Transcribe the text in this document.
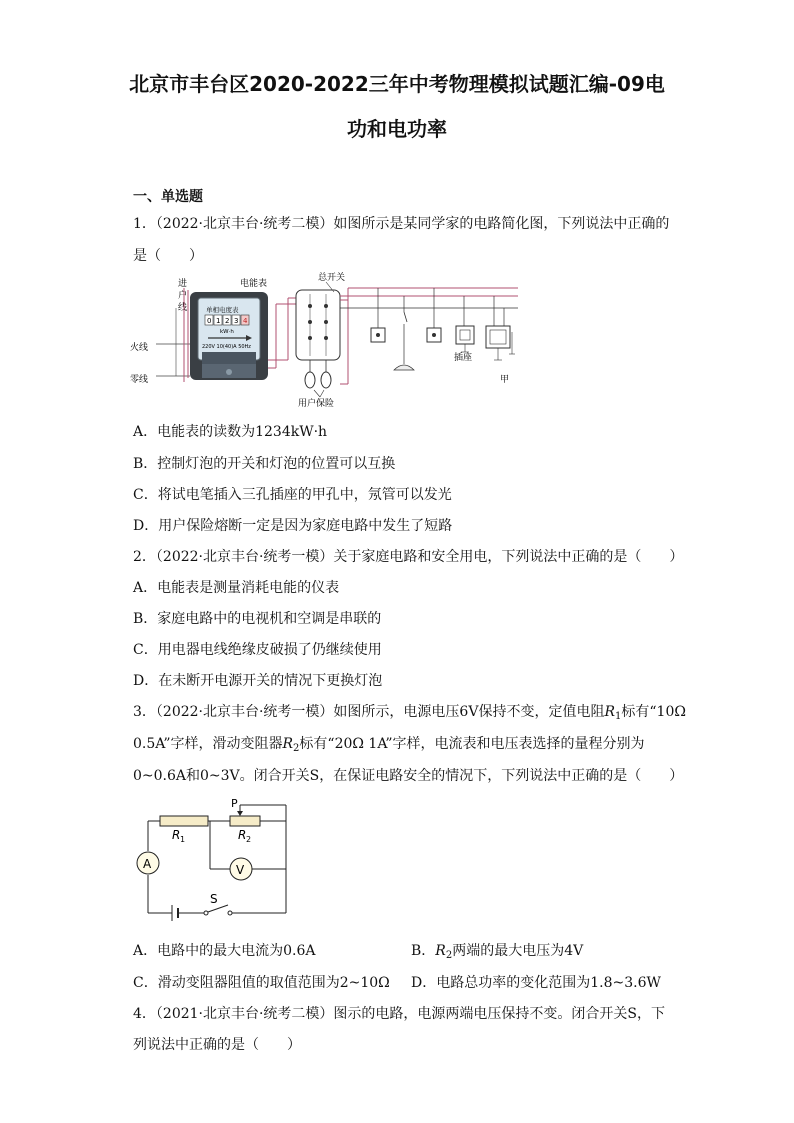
北京市丰台区2020-2022三年中考物理模拟试题汇编-09电
功和电功率
一、单选题
1．（2022·北京丰台·统考二模）如图所示是某同学家的电路简化图，下列说法中正确的
是（　　）
进
户
线
火线
零线
电能表
总开关
用户保险
插座
甲
单相电度表
0 1 2 3 4
kW·h
220V 10(40)A 50Hz
A．电能表的读数为1234kW·h
B．控制灯泡的开关和灯泡的位置可以互换
C．将试电笔插入三孔插座的甲孔中，氖管可以发光
D．用户保险熔断一定是因为家庭电路中发生了短路
2．（2022·北京丰台·统考一模）关于家庭电路和安全用电，下列说法中正确的是（　　）
A．电能表是测量消耗电能的仪表
B．家庭电路中的电视机和空调是串联的
C．用电器电线绝缘皮破损了仍继续使用
D．在未断开电源开关的情况下更换灯泡
3．（2022·北京丰台·统考一模）如图所示，电源电压6V保持不变，定值电阻$R_1$标有“10Ω
0.5A”字样，滑动变阻器$R_2$标有“20Ω 1A”字样，电流表和电压表选择的量程分别为
0~0.6A和0~3V。闭合开关S，在保证电路安全的情况下，下列说法中正确的是（　　）
A
S
V
P
R 1	R 2
A．电路中的最大电流为0.6A	B．$R_2$两端的最大电压为4V
C．滑动变阻器阻值的取值范围为2~10Ω D．电路总功率的变化范围为1.8~3.6W
4．（2021·北京丰台·统考二模）图示的电路，电源两端电压保持不变。闭合开关S，下
列说法中正确的是（　　）
